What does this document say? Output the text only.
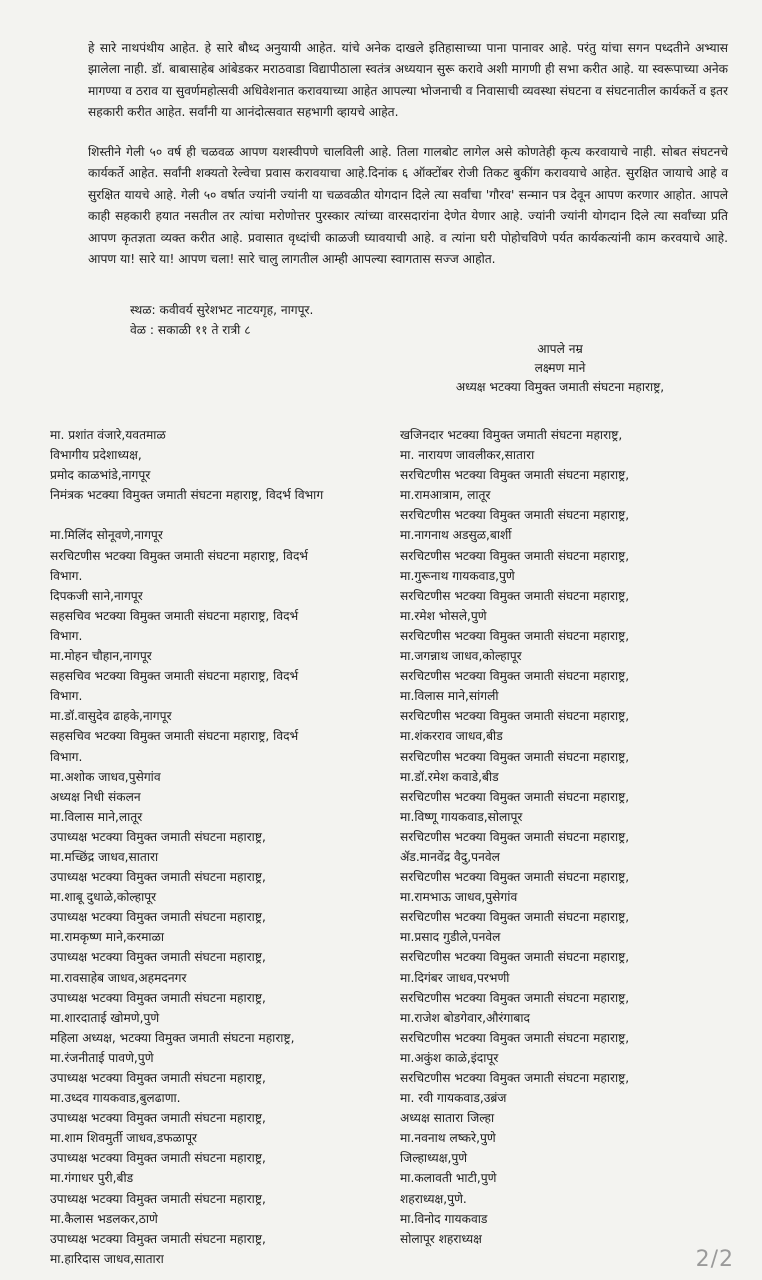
हे सारे नाथपंथीय आहेत. हे सारे बौध्द अनुयायी आहेत. यांचे अनेक दाखले इतिहासाच्या पाना पानावर आहे. परंतु यांचा सगन पध्दतीने अभ्यास झालेला नाही. डॉ. बाबासाहेब आंबेडकर मराठवाडा विद्यापीठाला स्वतंत्र अध्ययान सुरू करावे अशी मागणी ही सभा करीत आहे. या स्वरूपाच्या अनेक मागण्या व ठराव या सुवर्णमहोत्सवी अधिवेशनात करावयाच्या आहेत आपल्या भोजनाची व निवासाची व्यवस्था संघटना व संघटनातील कार्यकर्ते व इतर सहकारी करीत आहेत. सर्वांनी या आनंदोत्सवात सहभागी व्हायचे आहेत.

शिस्तीने गेली ५० वर्ष ही चळवळ आपण यशस्वीपणे चालविली आहे. तिला गालबोट लागेल असे कोणतेही कृत्य करवायाचे नाही. सोबत संघटनचे कार्यकर्ते आहेत. सर्वांनी शक्यतो रेल्वेचा प्रवास करावयाचा आहे.दिनांक ६ ऑक्टोंबर रोजी तिकट बुकींग करावयाचे आहेत. सुरक्षित जायाचे आहे व सुरक्षित यायचे आहे. गेली ५० वर्षात ज्यांनी ज्यांनी या चळवळीत योगदान दिले त्या सर्वांचा 'गौरव' सन्मान पत्र देवून आपण करणार आहोत. आपले काही सहकारी हयात नसतील तर त्यांचा मरोणोत्तर पुरस्कार त्यांच्या वारसदारांना देणेत येणार आहे. ज्यांनी ज्यांनी योगदान दिले त्या सर्वांच्या प्रति आपण कृतज्ञता व्यक्त करीत आहे. प्रवासात वृध्दांची काळजी घ्यावयाची आहे. व त्यांना घरी पोहोचविणे पर्यत कार्यकत्यांनी काम करवयाचे आहे. आपण या! सारे या! आपण चला! सारे चालु लागतील आम्ही आपल्या स्वागतास सज्ज आहोत.

स्थळ: कवीवर्य सुरेशभट नाटयगृह, नागपूर.
वेळ : सकाळी ११ ते रात्री ८
आपले नम्र
लक्ष्मण माने
अध्यक्ष भटक्या विमुक्त जमाती संघटना महाराष्ट्र,
मा. प्रशांत वंजारे,यवतमाळ
विभागीय प्रदेशाध्यक्ष,
प्रमोद काळभांडे,नागपूर
निमंत्रक भटक्या विमुक्त जमाती संघटना महाराष्ट्र, विदर्भ विभाग

मा.मिलिंद सोनूवणे,नागपूर
सरचिटणीस भटक्या विमुक्त जमाती संघटना महाराष्ट्र, विदर्भ
विभाग.
दिपकजी साने,नागपूर
सहसचिव भटक्या विमुक्त जमाती संघटना महाराष्ट्र, विदर्भ
विभाग.
मा.मोहन चौहान,नागपूर
सहसचिव भटक्या विमुक्त जमाती संघटना महाराष्ट्र, विदर्भ
विभाग.
मा.डॉ.वासुदेव ढाहके,नागपूर
सहसचिव भटक्या विमुक्त जमाती संघटना महाराष्ट्र, विदर्भ
विभाग.
मा.अशोक जाधव,पुसेगांव
अध्यक्ष निधी संकलन
मा.विलास माने,लातूर
उपाध्यक्ष भटक्या विमुक्त जमाती संघटना महाराष्ट्र,
मा.मच्छिंद्र जाधव,सातारा
उपाध्यक्ष भटक्या विमुक्त जमाती संघटना महाराष्ट्र,
मा.शाबू दुधाळे,कोल्हापूर
उपाध्यक्ष भटक्या विमुक्त जमाती संघटना महाराष्ट्र,
मा.रामकृष्ण माने,करमाळा
उपाध्यक्ष भटक्या विमुक्त जमाती संघटना महाराष्ट्र,
मा.रावसाहेब जाधव,अहमदनगर
उपाध्यक्ष भटक्या विमुक्त जमाती संघटना महाराष्ट्र,
मा.शारदाताई खोमणे,पुणे
महिला अध्यक्ष, भटक्या विमुक्त जमाती संघटना महाराष्ट्र,
मा.रंजनीताई पावणे,पुणे
उपाध्यक्ष भटक्या विमुक्त जमाती संघटना महाराष्ट्र,
मा.उध्दव गायकवाड,बुलढाणा.
उपाध्यक्ष भटक्या विमुक्त जमाती संघटना महाराष्ट्र,
मा.शाम शिवमुर्ती जाधव,डफळापूर
उपाध्यक्ष भटक्या विमुक्त जमाती संघटना महाराष्ट्र,
मा.गंगाधर पुरी,बीड
उपाध्यक्ष भटक्या विमुक्त जमाती संघटना महाराष्ट्र,
मा.कैलास भडलकर,ठाणे
उपाध्यक्ष भटक्या विमुक्त जमाती संघटना महाराष्ट्र,
मा.हारिदास जाधव,सातारा
खजिनदार भटक्या विमुक्त जमाती संघटना महाराष्ट्र,
मा. नारायण जावलीकर,सातारा
सरचिटणीस भटक्या विमुक्त जमाती संघटना महाराष्ट्र,
मा.रामआत्राम, लातूर
सरचिटणीस भटक्या विमुक्त जमाती संघटना महाराष्ट्र,
मा.नागनाथ अडसुळ,बार्शी
सरचिटणीस भटक्या विमुक्त जमाती संघटना महाराष्ट्र,
मा.गुरूनाथ गायकवाड,पुणे
सरचिटणीस भटक्या विमुक्त जमाती संघटना महाराष्ट्र,
मा.रमेश भोसले,पुणे
सरचिटणीस भटक्या विमुक्त जमाती संघटना महाराष्ट्र,
मा.जगन्नाथ जाधव,कोल्हापूर
सरचिटणीस भटक्या विमुक्त जमाती संघटना महाराष्ट्र,
मा.विलास माने,सांगली
सरचिटणीस भटक्या विमुक्त जमाती संघटना महाराष्ट्र,
मा.शंकरराव जाधव,बीड
सरचिटणीस भटक्या विमुक्त जमाती संघटना महाराष्ट्र,
मा.डॉ.रमेश कवाडे,बीड
सरचिटणीस भटक्या विमुक्त जमाती संघटना महाराष्ट्र,
मा.विष्णू गायकवाड,सोलापूर
सरचिटणीस भटक्या विमुक्त जमाती संघटना महाराष्ट्र,
ॲड.मानवेंद्र वैदु,पनवेल
सरचिटणीस भटक्या विमुक्त जमाती संघटना महाराष्ट्र,
मा.रामभाऊ जाधव,पुसेगांव
सरचिटणीस भटक्या विमुक्त जमाती संघटना महाराष्ट्र,
मा.प्रसाद गुडीले,पनवेल
सरचिटणीस भटक्या विमुक्त जमाती संघटना महाराष्ट्र,
मा.दिगंबर जाधव,परभणी
सरचिटणीस भटक्या विमुक्त जमाती संघटना महाराष्ट्र,
मा.राजेश बोडगेवार,औरंगाबाद
सरचिटणीस भटक्या विमुक्त जमाती संघटना महाराष्ट्र,
मा.अकुंश काळे,इंदापूर
सरचिटणीस भटक्या विमुक्त जमाती संघटना महाराष्ट्र,
मा. रवी गायकवाड,उब्रंज
अध्यक्ष सातारा जिल्हा
मा.नवनाथ लष्करे,पुणे
जिल्हाध्यक्ष,पुणे
मा.कलावती भाटी,पुणे
शहराध्यक्ष,पुणे.
मा.विनोद गायकवाड
सोलापूर शहराध्यक्ष
2/2
